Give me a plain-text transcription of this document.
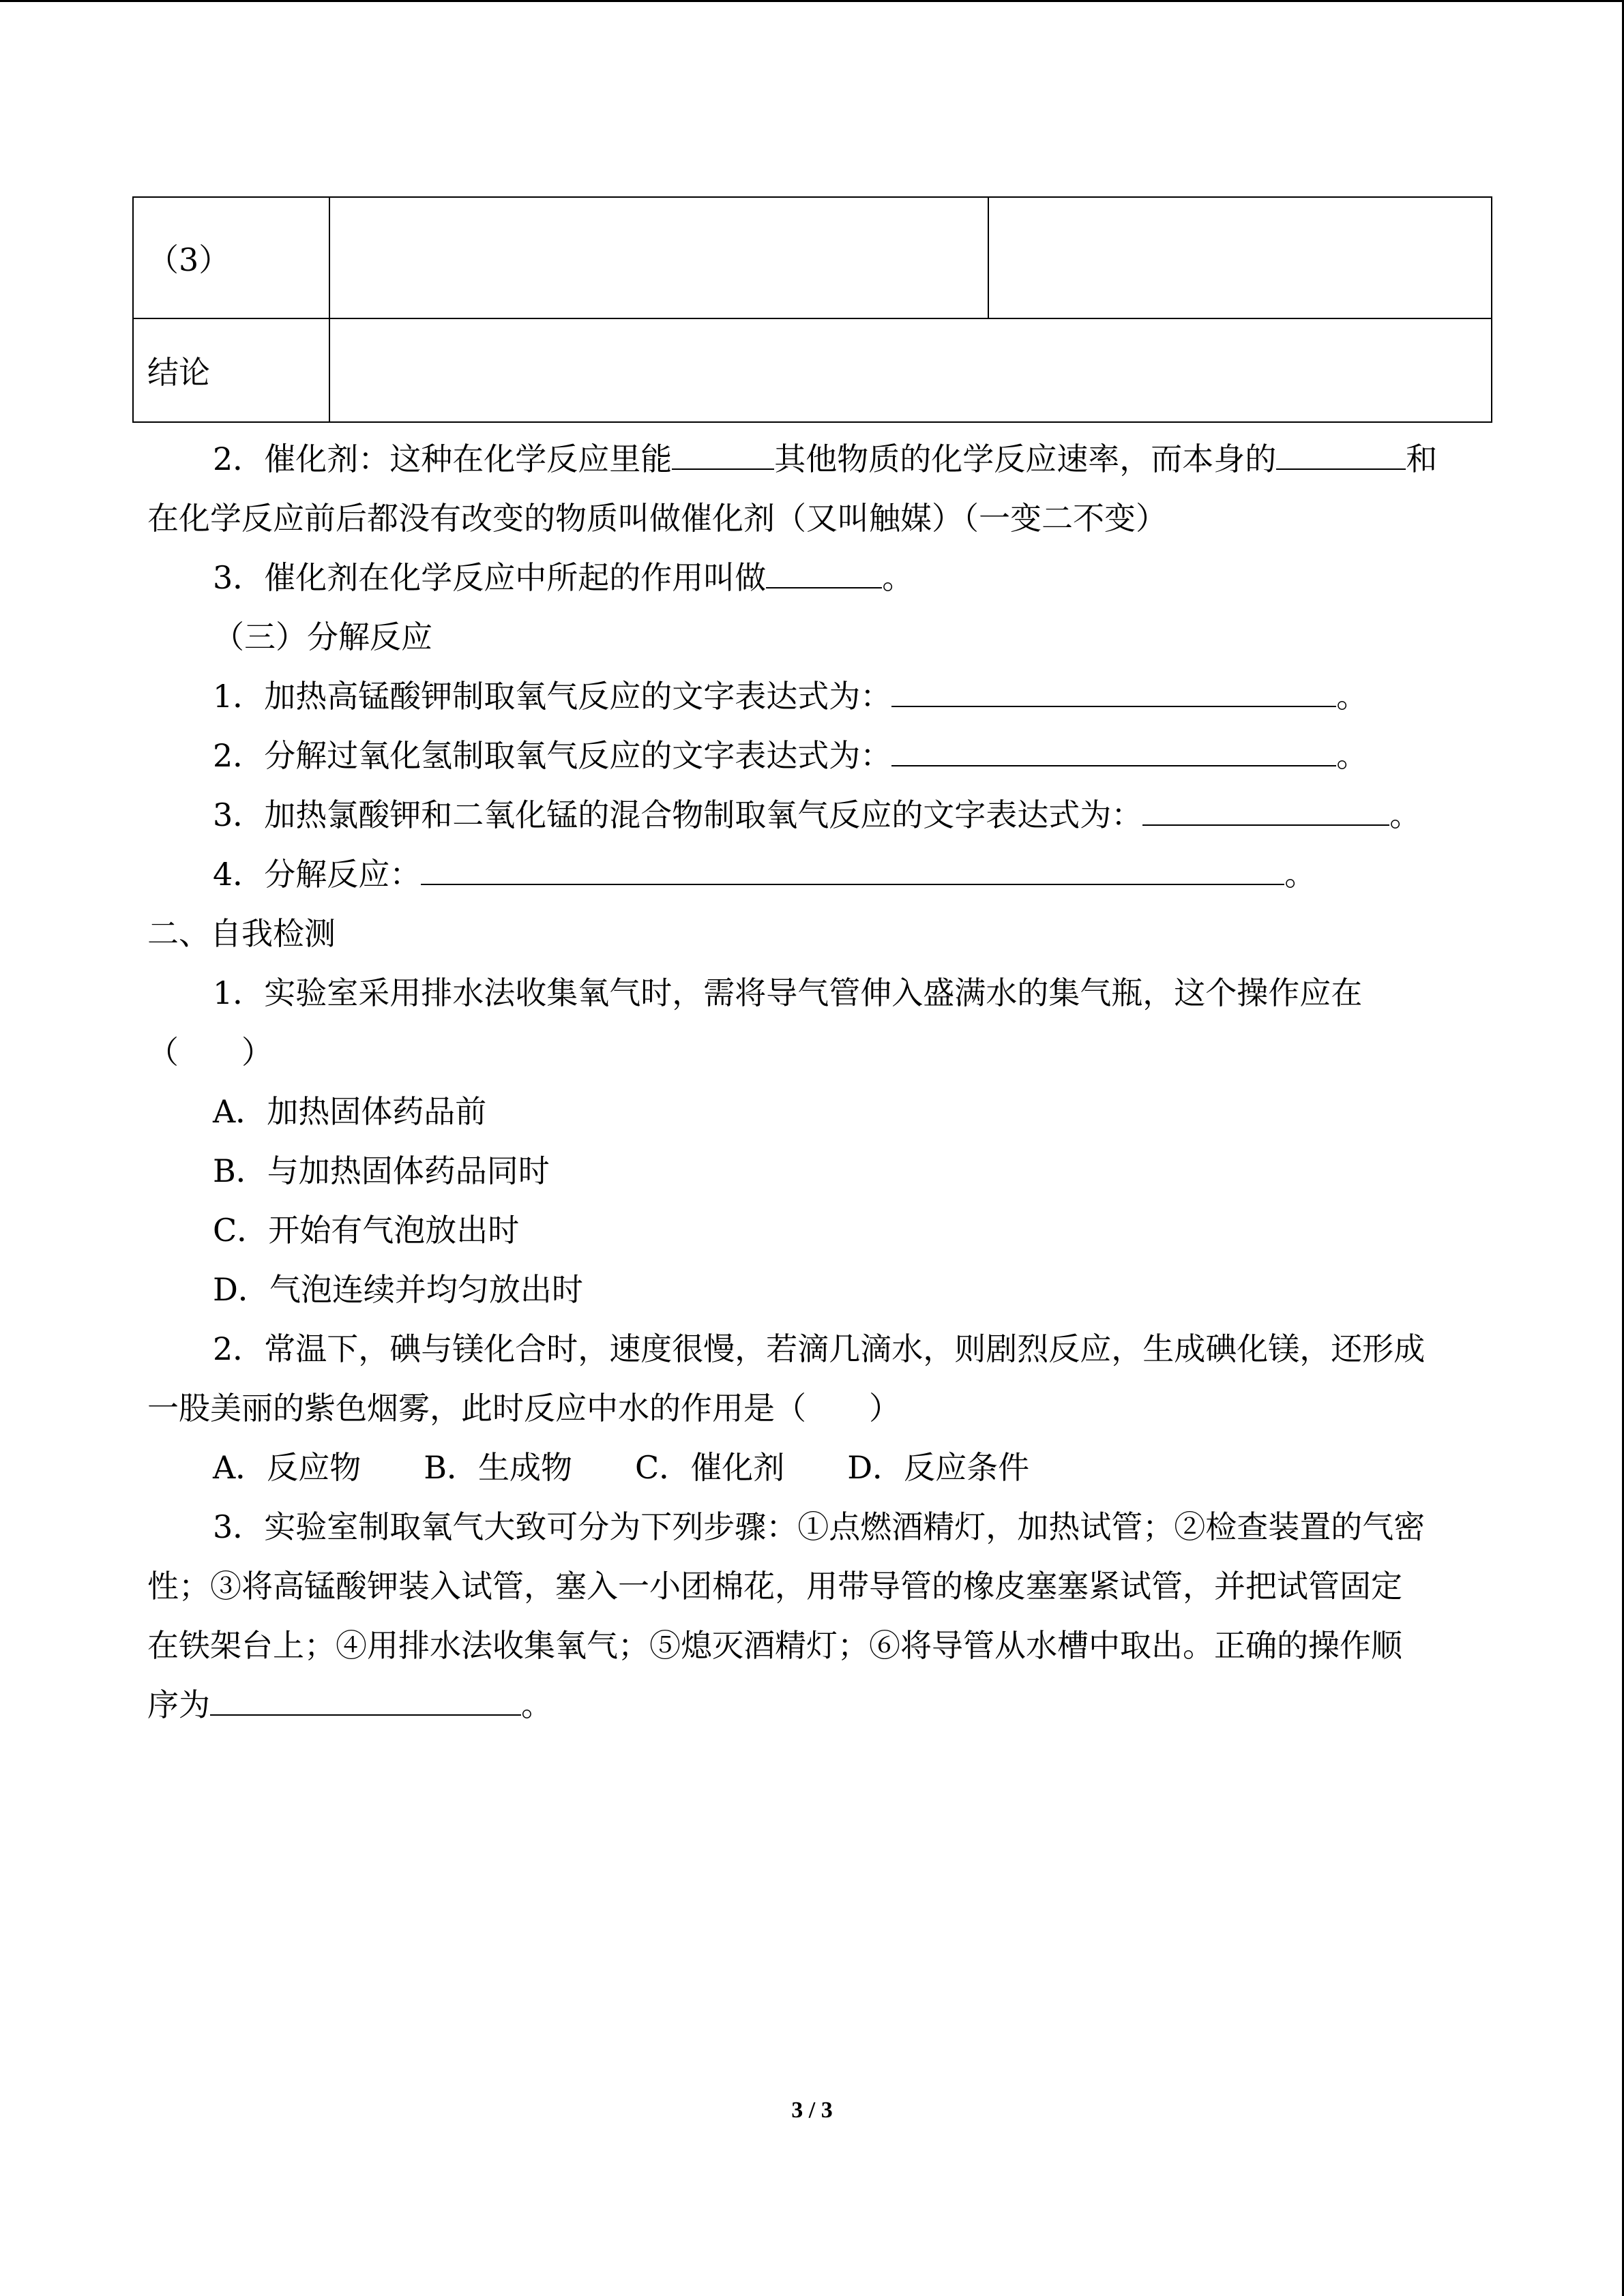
（3）		
结论		
2．催化剂：这种在化学反应里能	其他物质的化学反应速率，而本身的	和
在化学反应前后都没有改变的物质叫做催化剂（又叫触媒）（一变二不变）
3．催化剂在化学反应中所起的作用叫做	。
（三）分解反应
1．加热高锰酸钾制取氧气反应的文字表达式为：	。
2．分解过氧化氢制取氧气反应的文字表达式为：	。
3．加热氯酸钾和二氧化锰的混合物制取氧气反应的文字表达式为：	。
4．分解反应：	。
二、自我检测
1．实验室采用排水法收集氧气时，需将导气管伸入盛满水的集气瓶，这个操作应在
（　　）
A．加热固体药品前
B．与加热固体药品同时
C．开始有气泡放出时
D．气泡连续并均匀放出时
2．常温下，碘与镁化合时，速度很慢，若滴几滴水，则剧烈反应，生成碘化镁，还形成
一股美丽的紫色烟雾，此时反应中水的作用是（　　）
A．反应物　　B．生成物　　C．催化剂　　D．反应条件
3．实验室制取氧气大致可分为下列步骤：①点燃酒精灯，加热试管；②检查装置的气密
性；③将高锰酸钾装入试管，塞入一小团棉花，用带导管的橡皮塞塞紧试管，并把试管固定
在铁架台上；④用排水法收集氧气；⑤熄灭酒精灯；⑥将导管从水槽中取出。正确的操作顺
序为	。
3 / 3
